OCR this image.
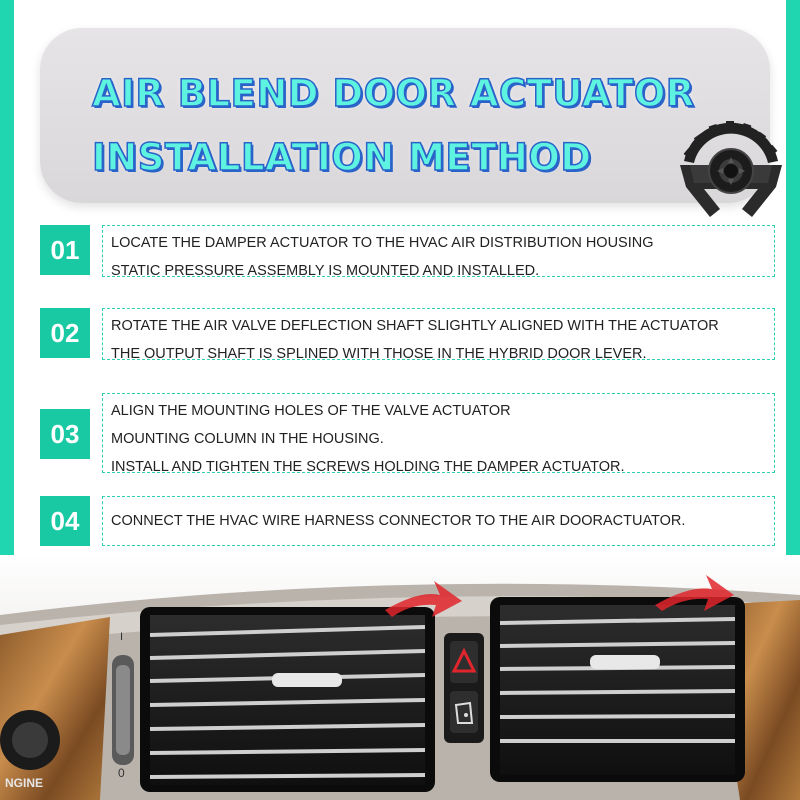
AIR BLEND DOOR ACTUATOR
INSTALLATION METHOD
01	LOCATE THE DAMPER ACTUATOR TO THE HVAC AIR DISTRIBUTION HOUSING
STATIC PRESSURE ASSEMBLY IS MOUNTED AND INSTALLED.
02	ROTATE THE AIR VALVE DEFLECTION SHAFT SLIGHTLY ALIGNED WITH THE ACTUATOR
THE OUTPUT SHAFT IS SPLINED WITH THOSE IN THE HYBRID DOOR LEVER.
03
ALIGN THE MOUNTING HOLES OF THE VALVE ACTUATOR
MOUNTING COLUMN IN THE HOUSING.
INSTALL AND TIGHTEN THE SCREWS HOLDING THE DAMPER ACTUATOR.
04	CONNECT THE HVAC WIRE HARNESS CONNECTOR TO THE AIR DOORACTUATOR.
NGINE
I
0
